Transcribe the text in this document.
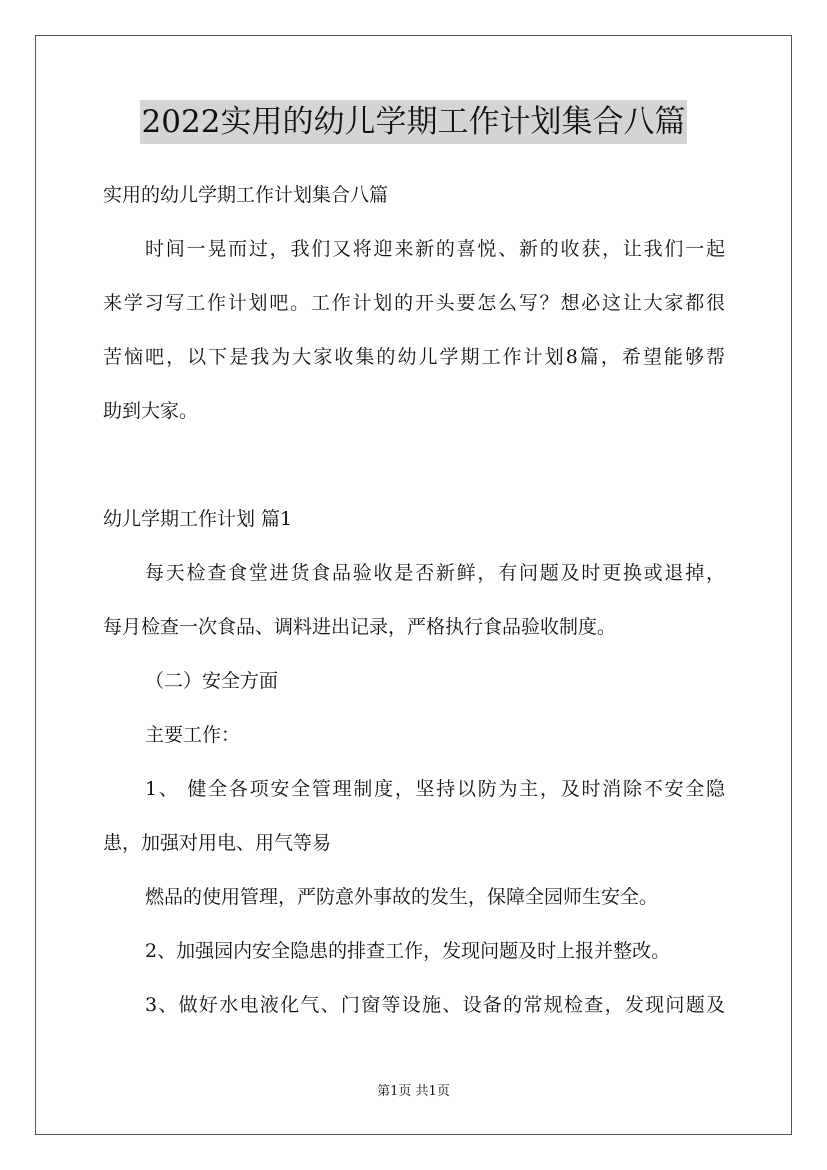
2022实用的幼儿学期工作计划集合八篇
实用的幼儿学期工作计划集合八篇
时间一晃而过，我们又将迎来新的喜悦、新的收获，让我们一起
来学习写工作计划吧。工作计划的开头要怎么写？想必这让大家都很
苦恼吧，以下是我为大家收集的幼儿学期工作计划8篇，希望能够帮
助到大家。
幼儿学期工作计划 篇1
每天检查食堂进货食品验收是否新鲜，有问题及时更换或退掉，
每月检查一次食品、调料进出记录，严格执行食品验收制度。
（二）安全方面
主要工作：
1、 健全各项安全管理制度，坚持以防为主，及时消除不安全隐
患，加强对用电、用气等易
燃品的使用管理，严防意外事故的发生，保障全园师生安全。
2、加强园内安全隐患的排查工作，发现问题及时上报并整改。
3、做好水电液化气、门窗等设施、设备的常规检查，发现问题及
第1页 共1页
